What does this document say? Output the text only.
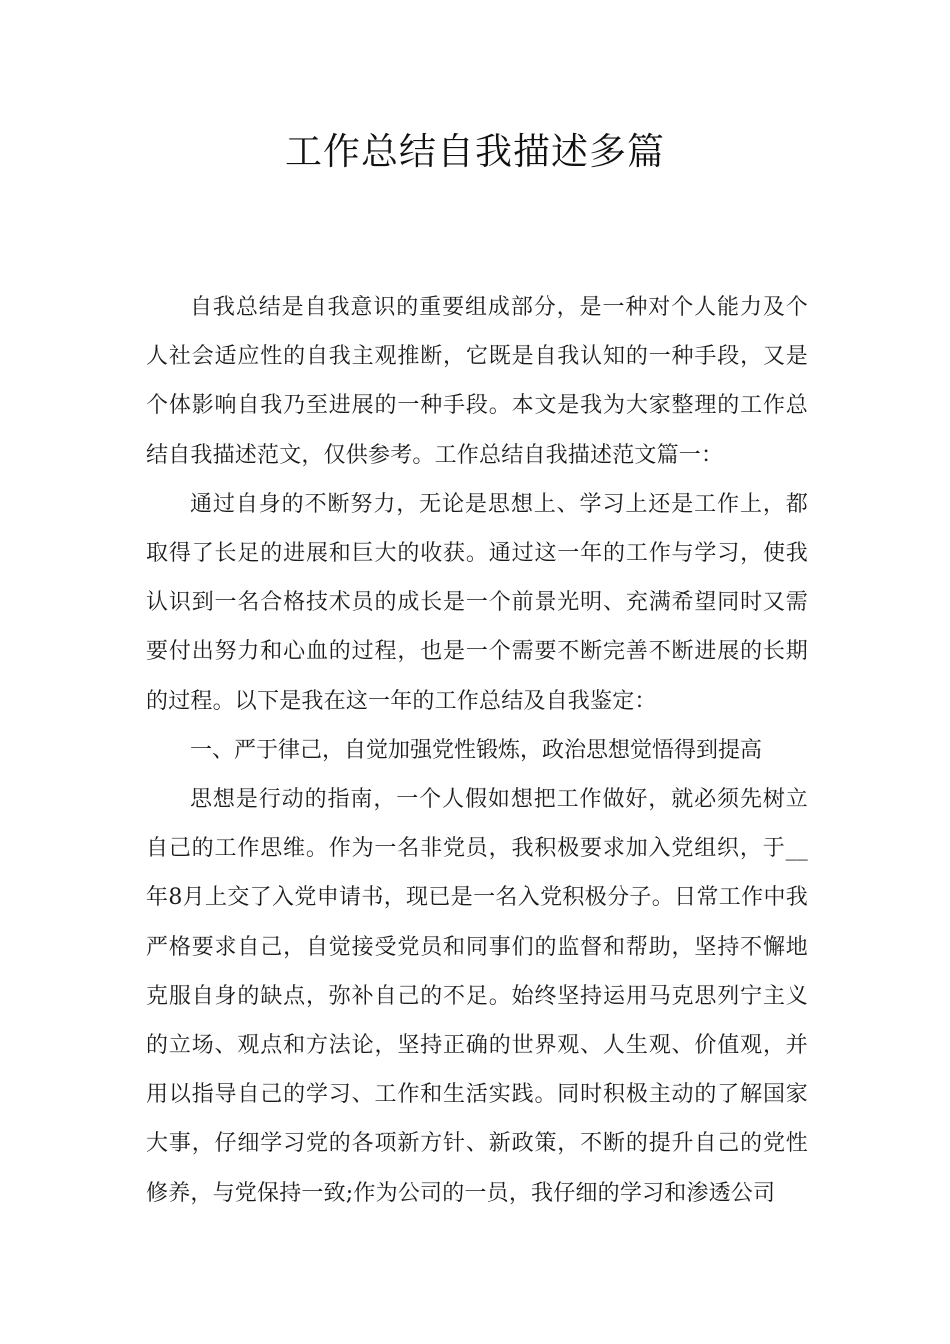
工作总结自我描述多篇

自我总结是自我意识的重要组成部分，是一种对个人能力及个人社会适应性的自我主观推断，它既是自我认知的一种手段，又是个体影响自我乃至进展的一种手段。本文是我为大家整理的工作总结自我描述范文，仅供参考。工作总结自我描述范文篇一：

通过自身的不断努力，无论是思想上、学习上还是工作上，都取得了长足的进展和巨大的收获。通过这一年的工作与学习，使我认识到一名合格技术员的成长是一个前景光明、充满希望同时又需要付出努力和心血的过程，也是一个需要不断完善不断进展的长期的过程。以下是我在这一年的工作总结及自我鉴定：

一、严于律己，自觉加强党性锻炼，政治思想觉悟得到提高

思想是行动的指南，一个人假如想把工作做好，就必须先树立自己的工作思维。作为一名非党员，我积极要求加入党组织，于__年8月上交了入党申请书，现已是一名入党积极分子。日常工作中我严格要求自己，自觉接受党员和同事们的监督和帮助，坚持不懈地克服自身的缺点，弥补自己的不足。始终坚持运用马克思列宁主义的立场、观点和方法论，坚持正确的世界观、人生观、价值观，并用以指导自己的学习、工作和生活实践。同时积极主动的了解国家大事，仔细学习党的各项新方针、新政策，不断的提升自己的党性修养，与党保持一致;作为公司的一员，我仔细的学习和渗透公司
